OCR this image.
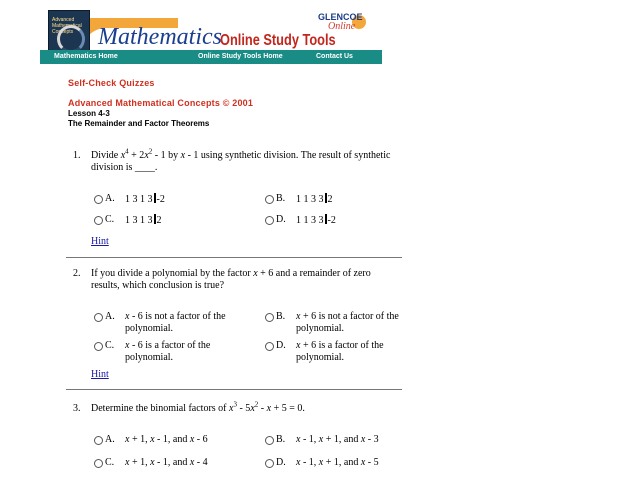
Advanced Mathematical Concepts	Mathematics
Online Study Tools
GLENCOE
Online
Mathematics Home	Online Study Tools Home	Contact Us
Self-Check Quizzes
Advanced Mathematical Concepts © 2001
Lesson 4-3
The Remainder and Factor Theorems
1. Divide $x^4 + 2x^2 - 1$ by x - 1 using synthetic division. The result of synthetic
division is ____.
A.	1 3 1 3 -2	B.	1 1 3 3 2
C.	1 3 1 3 2	D.	1 1 3 3 -2
Hint
2. If you divide a polynomial by the factor x + 6 and a remainder of zero
results, which conclusion is true?
A.	x - 6 is not a factor of the polynomial.
B.	x + 6 is not a factor of the polynomial.
C.	x - 6 is a factor of the polynomial.
D.	x + 6 is a factor of the polynomial.
Hint
3. Determine the binomial factors of $x^3 - 5x^2 - x + 5 = 0$.
A.	x + 1, x - 1, and x - 6	B.	x - 1, x + 1, and x - 3
C.	x + 1, x - 1, and x - 4	D.	x - 1, x + 1, and x - 5
